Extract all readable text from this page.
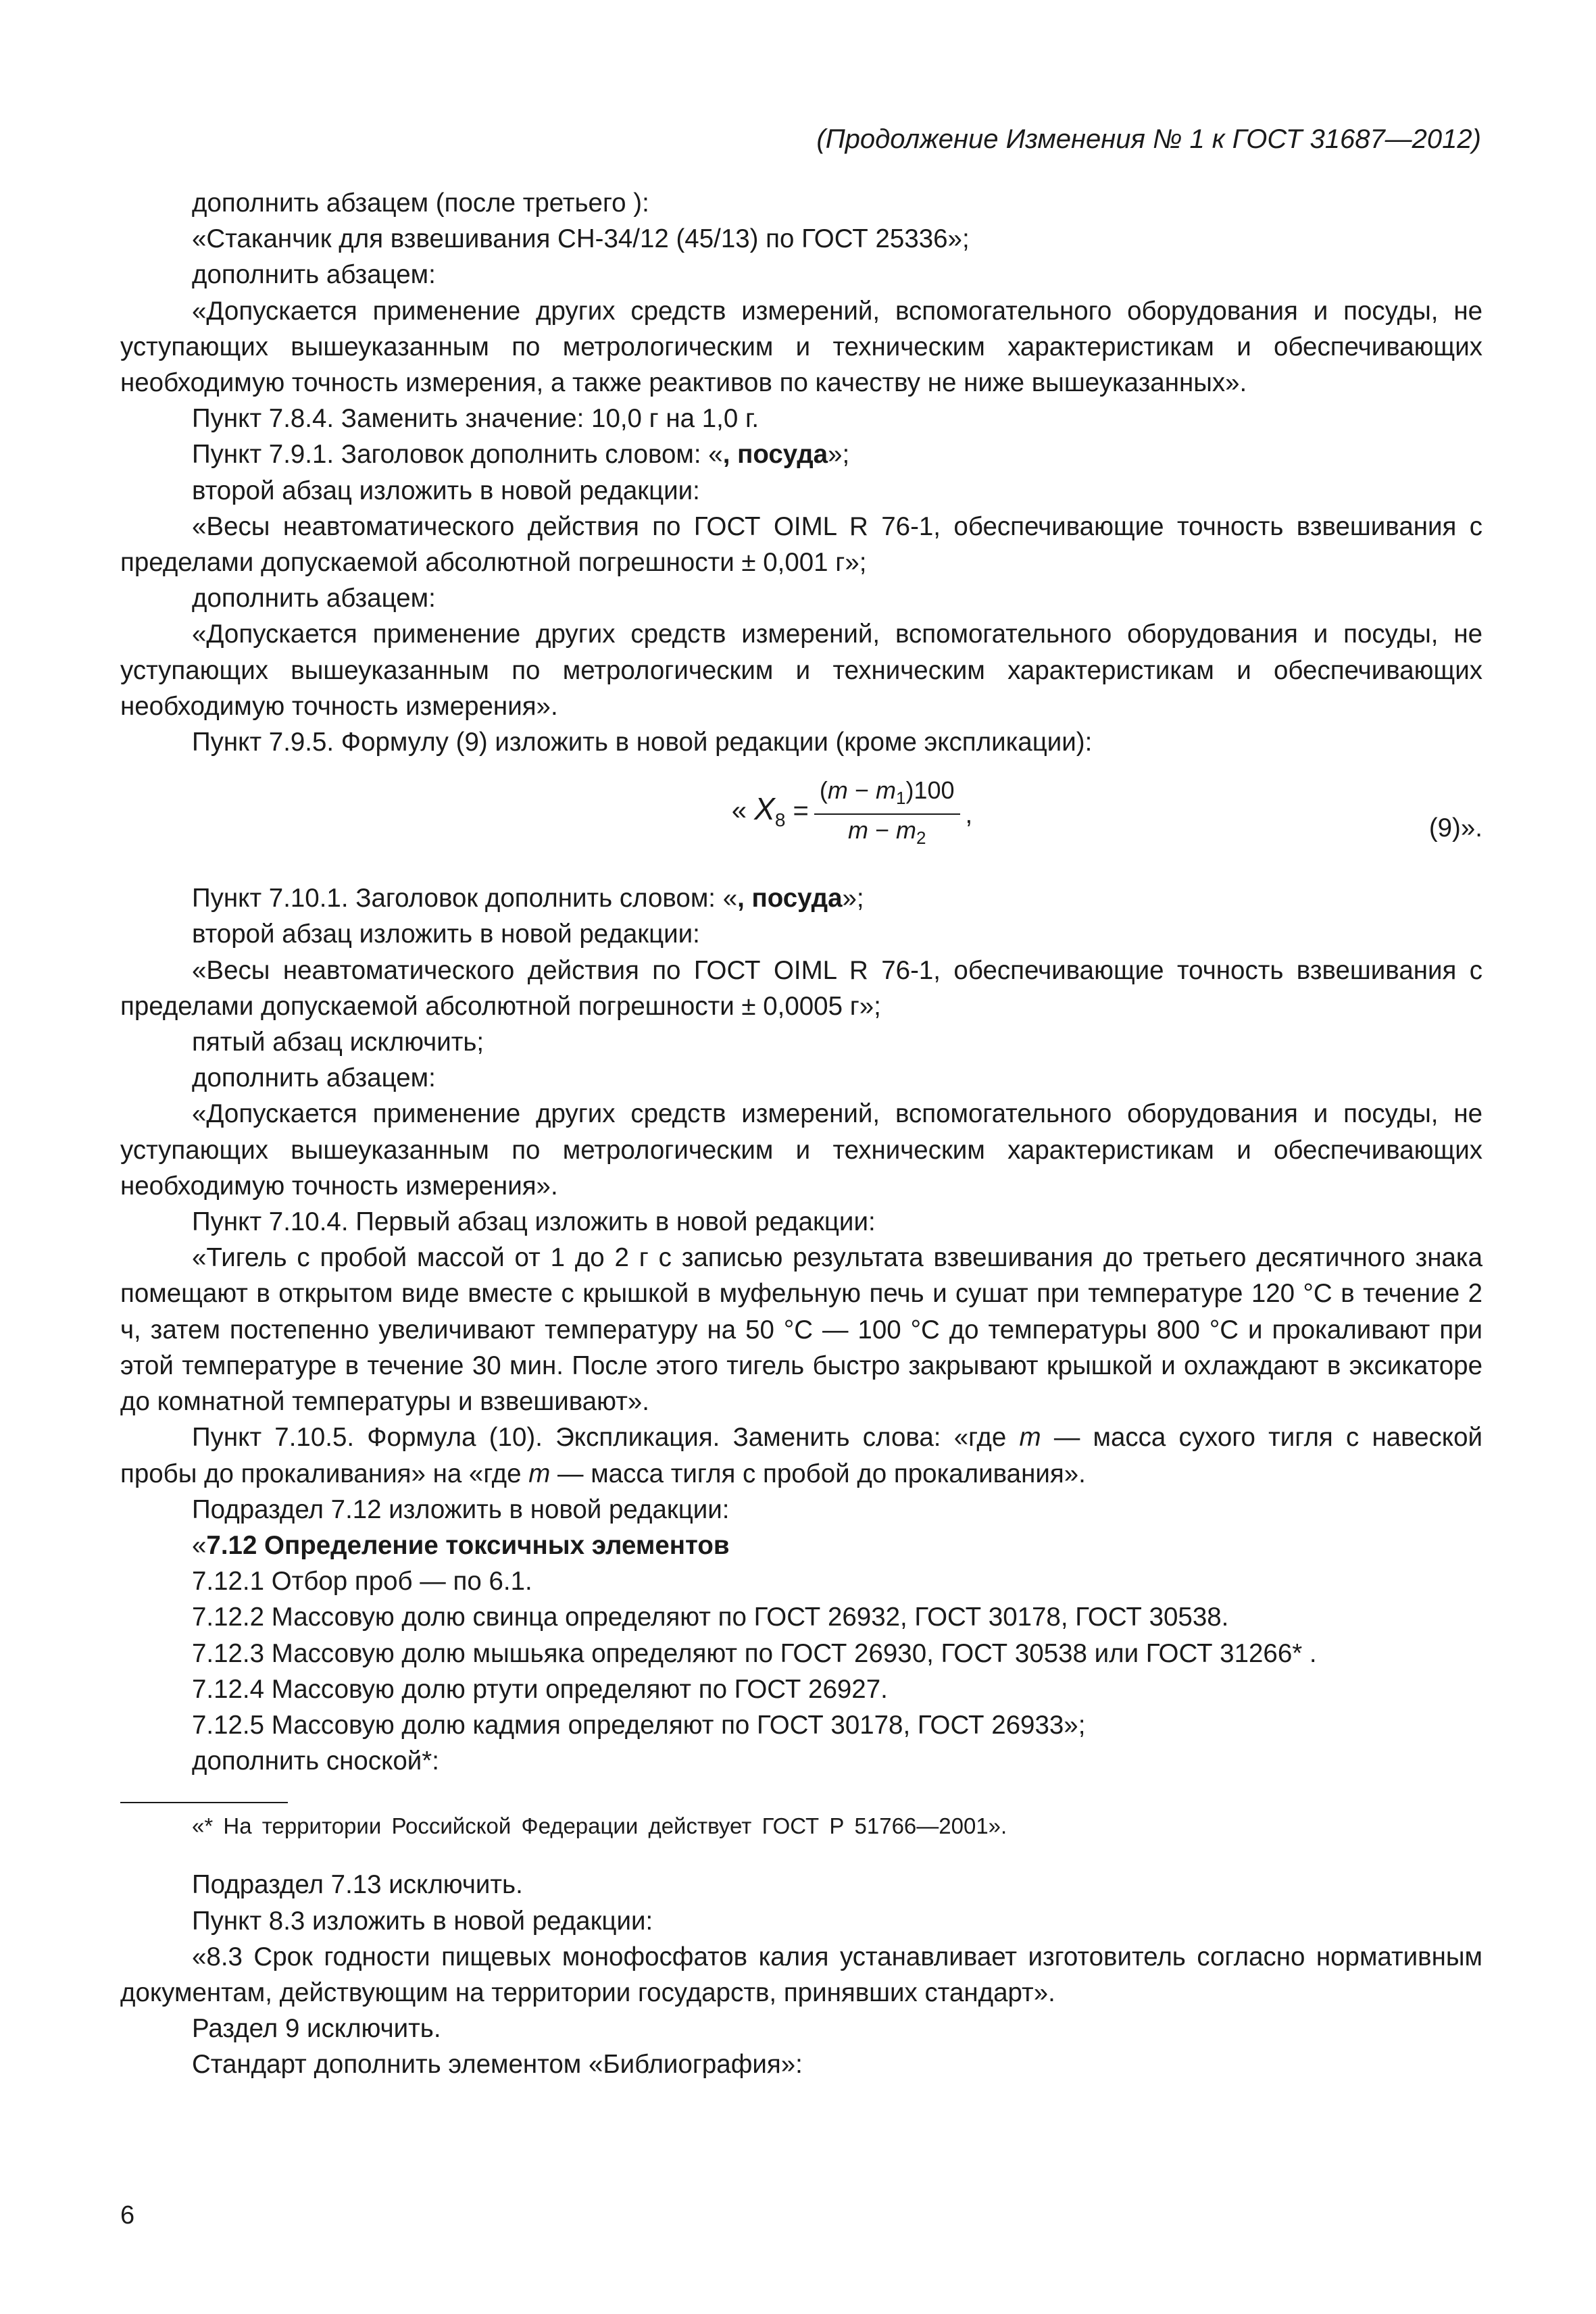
(Продолжение Изменения № 1 к ГОСТ 31687—2012)

дополнить абзацем (после третьего ):

«Стаканчик для взвешивания СН-34/12 (45/13) по ГОСТ 25336»;

дополнить абзацем:

«Допускается применение других средств измерений, вспомогательного оборудования и посуды, не уступающих вышеуказанным по метрологическим и техническим характеристикам и обеспечивающих необходимую точность измерения, а также реактивов по качеству не ниже вышеуказанных».

Пункт 7.8.4. Заменить значение: 10,0 г на 1,0 г.

Пункт 7.9.1. Заголовок дополнить словом: «, посуда»;

второй абзац изложить в новой редакции:

«Весы неавтоматического действия по ГОСТ OIML R 76-1, обеспечивающие точность взвешивания с пределами допускаемой абсолютной погрешности ± 0,001 г»;

дополнить абзацем:

«Допускается применение других средств измерений, вспомогательного оборудования и посуды, не уступающих вышеуказанным по метрологическим и техническим характеристикам и обеспечивающих необходимую точность измерения».

Пункт 7.9.5. Формулу (9) изложить в новой редакции (кроме экспликации):

« $X_8 = \frac{(m - m_1)100}{m - m_2}$ ,	(9)».

Пункт 7.10.1. Заголовок дополнить словом: «, посуда»;

второй абзац изложить в новой редакции:

«Весы неавтоматического действия по ГОСТ OIML R 76-1, обеспечивающие точность взвешивания с пределами допускаемой абсолютной погрешности ± 0,0005 г»;

пятый абзац исключить;

дополнить абзацем:

«Допускается применение других средств измерений, вспомогательного оборудования и посуды, не уступающих вышеуказанным по метрологическим и техническим характеристикам и обеспечивающих необходимую точность измерения».

Пункт 7.10.4. Первый абзац изложить в новой редакции:

«Тигель с пробой массой от 1 до 2 г с записью результата взвешивания до третьего десятичного знака помещают в открытом виде вместе с крышкой в муфельную печь и сушат при температуре 120 °С в течение 2 ч, затем постепенно увеличивают температуру на 50 °С — 100 °С до температуры 800 °С и прокаливают при этой температуре в течение 30 мин. После этого тигель быстро закрывают крышкой и охлаждают в эксикаторе до комнатной температуры и взвешивают».

Пункт 7.10.5. Формула (10). Экспликация. Заменить слова: «где m — масса сухого тигля с навеской пробы до прокаливания» на «где m — масса тигля с пробой до прокаливания».

Подраздел 7.12 изложить в новой редакции:

«7.12 Определение токсичных элементов

7.12.1 Отбор проб — по 6.1.

7.12.2 Массовую долю свинца определяют по ГОСТ 26932, ГОСТ 30178, ГОСТ 30538.

7.12.3 Массовую долю мышьяка определяют по ГОСТ 26930, ГОСТ 30538 или ГОСТ 31266* .

7.12.4 Массовую долю ртути определяют по ГОСТ 26927.

7.12.5 Массовую долю кадмия определяют по ГОСТ 30178, ГОСТ 26933»;

дополнить сноской*:

«* На территории Российской Федерации действует ГОСТ Р 51766—2001».

Подраздел 7.13 исключить.

Пункт 8.3 изложить в новой редакции:

«8.3 Срок годности пищевых монофосфатов калия устанавливает изготовитель согласно нормативным документам, действующим на территории государств, принявших стандарт».

Раздел 9 исключить.

Стандарт дополнить элементом «Библиография»:

6
